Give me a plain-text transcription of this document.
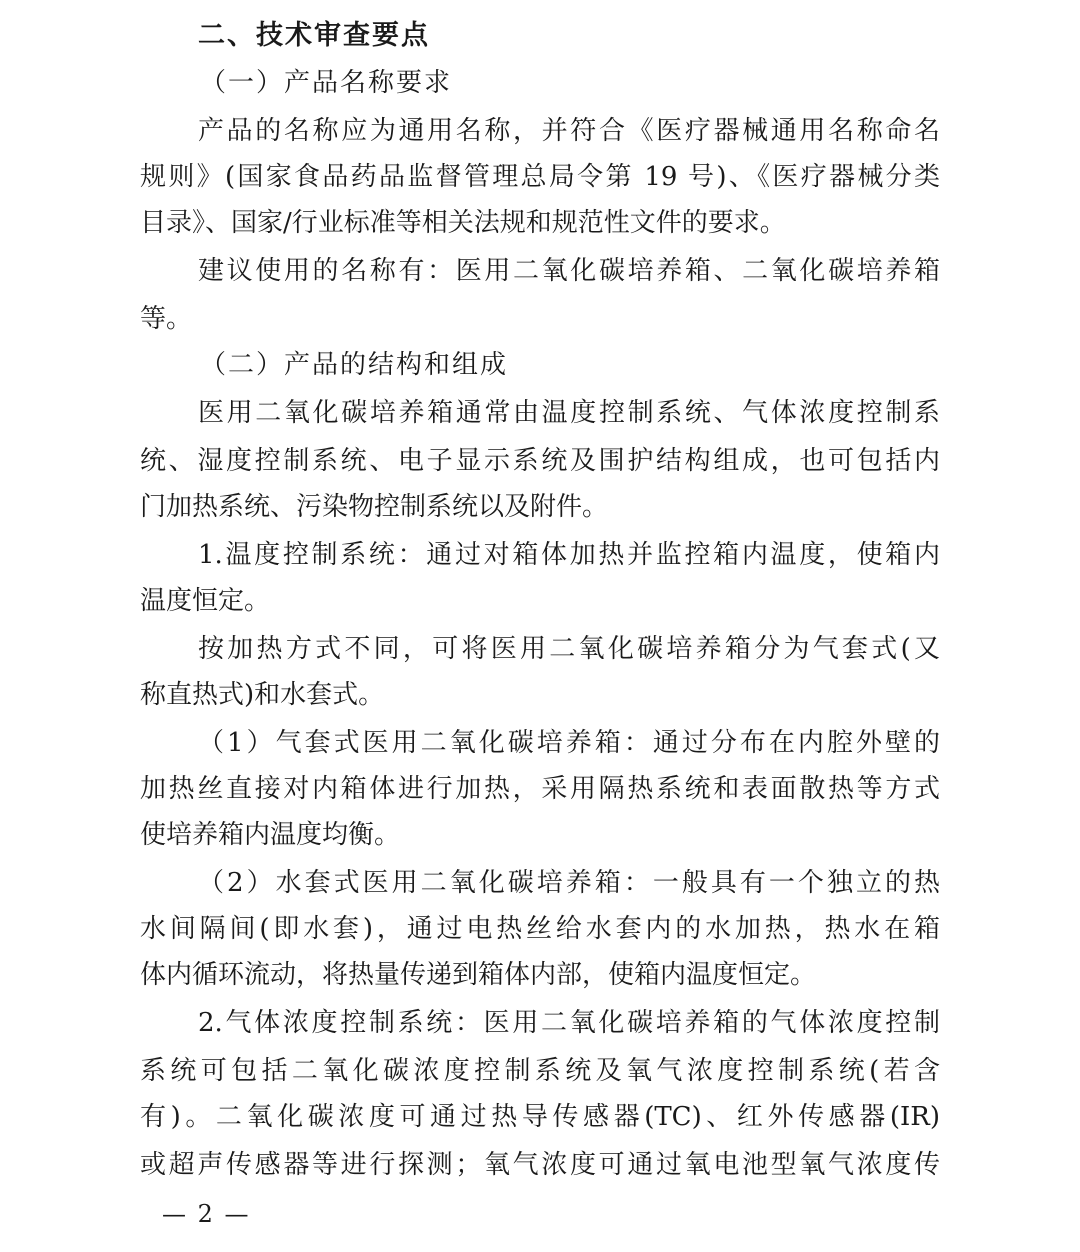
二、技术审查要点
（一）产品名称要求
产品的名称应为通用名称，并符合《医疗器械通用名称命名
规则》(国家食品药品监督管理总局令第 19 号)、《医疗器械分类
目录》、国家/行业标准等相关法规和规范性文件的要求。
建议使用的名称有：医用二氧化碳培养箱、二氧化碳培养箱
等。
（二）产品的结构和组成
医用二氧化碳培养箱通常由温度控制系统、气体浓度控制系
统、湿度控制系统、电子显示系统及围护结构组成，也可包括内
门加热系统、污染物控制系统以及附件。
1.温度控制系统：通过对箱体加热并监控箱内温度，使箱内
温度恒定。
按加热方式不同，可将医用二氧化碳培养箱分为气套式(又
称直热式)和水套式。
（1）气套式医用二氧化碳培养箱：通过分布在内腔外壁的
加热丝直接对内箱体进行加热，采用隔热系统和表面散热等方式
使培养箱内温度均衡。
（2）水套式医用二氧化碳培养箱：一般具有一个独立的热
水间隔间(即水套)，通过电热丝给水套内的水加热，热水在箱
体内循环流动，将热量传递到箱体内部，使箱内温度恒定。
2.气体浓度控制系统：医用二氧化碳培养箱的气体浓度控制
系统可包括二氧化碳浓度控制系统及氧气浓度控制系统(若含
有)。二氧化碳浓度可通过热导传感器(TC)、红外传感器(IR)
或超声传感器等进行探测；氧气浓度可通过氧电池型氧气浓度传
— 2 —
